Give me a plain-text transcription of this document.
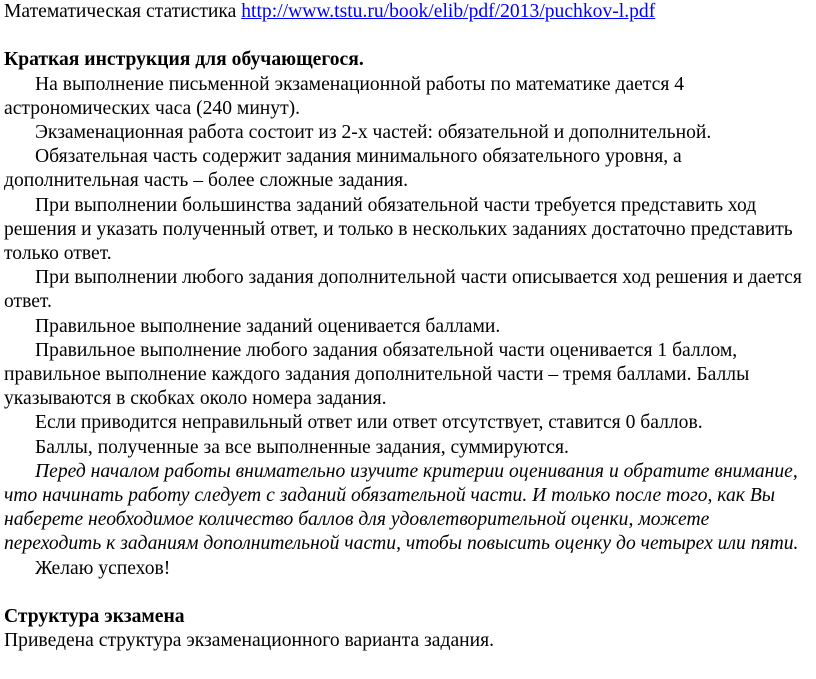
Математическая статистика http://www.tstu.ru/book/elib/pdf/2013/puchkov-l.pdf
Краткая инструкция для обучающегося.

На выполнение письменной экзаменационной работы по математике дается 4 астрономических часа (240 минут).

Экзаменационная работа состоит из 2-х частей: обязательной и дополнительной.

Обязательная часть содержит задания минимального обязательного уровня, а дополнительная часть – более сложные задания.

При выполнении большинства заданий обязательной части требуется представить ход решения и указать полученный ответ, и только в нескольких заданиях достаточно представить только ответ.

При выполнении любого задания дополнительной части описывается ход решения и дается ответ.

Правильное выполнение заданий оценивается баллами.

Правильное выполнение любого задания обязательной части оценивается 1 баллом, правильное выполнение каждого задания дополнительной части – тремя баллами. Баллы указываются в скобках около номера задания.

Если приводится неправильный ответ или ответ отсутствует, ставится 0 баллов.

Баллы, полученные за все выполненные задания, суммируются.

Перед началом работы внимательно изучите критерии оценивания и обратите внимание, что начинать работу следует с заданий обязательной части. И только после того, как Вы наберете необходимое количество баллов для удовлетворительной оценки, можете переходить к заданиям дополнительной части, чтобы повысить оценку до четырех или пяти.

Желаю успехов!

Структура экзамена

Приведена структура экзаменационного варианта задания.
